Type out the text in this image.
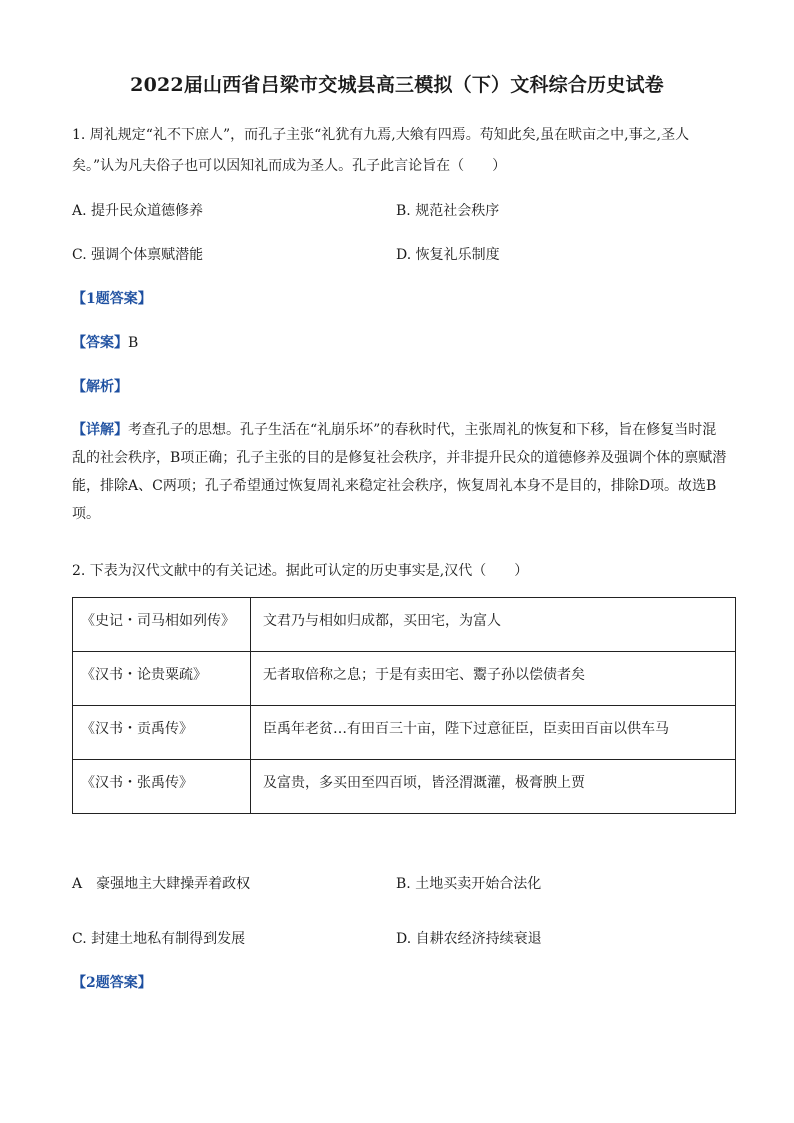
2022届山西省吕梁市交城县高三模拟（下）文科综合历史试卷
1. 周礼规定“礼不下庶人”，而孔子主张“礼犹有九焉,大飨有四焉。苟知此矣,虽在畎亩之中,事之,圣人
矣。”认为凡夫俗子也可以因知礼而成为圣人。孔子此言论旨在（　　）
A. 提升民众道德修养	B. 规范社会秩序
C. 强调个体禀赋潜能	D. 恢复礼乐制度
【1题答案】
【答案】B
【解析】
【详解】考查孔子的思想。孔子生活在“礼崩乐坏”的春秋时代，主张周礼的恢复和下移，旨在修复当时混乱的社会秩序，B项正确；孔子主张的目的是修复社会秩序，并非提升民众的道德修养及强调个体的禀赋潜能，排除A、C两项；孔子希望通过恢复周礼来稳定社会秩序，恢复周礼本身不是目的，排除D项。故选B项。
2. 下表为汉代文献中的有关记述。据此可认定的历史事实是,汉代（　　）
《史记・司马相如列传》	文君乃与相如归成都，买田宅，为富人
《汉书・论贵粟疏》	无者取倍称之息；于是有卖田宅、鬻子孙以偿债者矣
《汉书・贡禹传》	臣禹年老贫…有田百三十亩，陛下过意征臣，臣卖田百亩以供车马
《汉书・张禹传》	及富贵，多买田至四百顷，皆泾渭溉灌，极膏腴上贾
A　豪强地主大肆操弄着政权	B. 土地买卖开始合法化
C. 封建土地私有制得到发展	D. 自耕农经济持续衰退
【2题答案】
